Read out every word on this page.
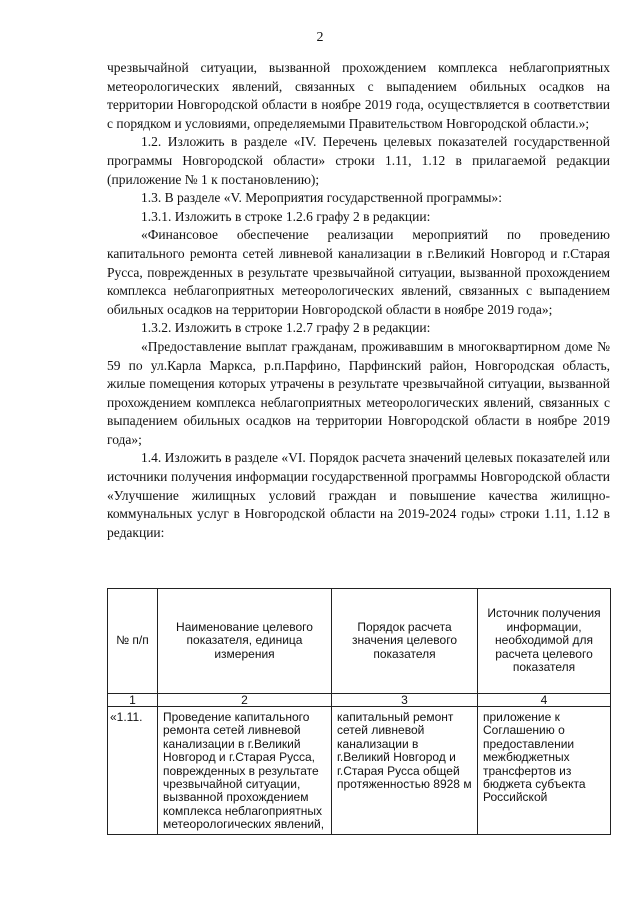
2

чрезвычайной ситуации, вызванной прохождением комплекса неблагоприятных метеорологических явлений, связанных с выпадением обильных осадков на территории Новгородской области в ноябре 2019 года, осуществляется в соответствии с порядком и условиями, определяемыми Правительством Новгородской области.»;

1.2. Изложить в разделе «IV. Перечень целевых показателей государственной программы Новгородской области» строки 1.11, 1.12 в прилагаемой редакции (приложение № 1 к постановлению);

1.3. В разделе «V. Мероприятия государственной программы»:

1.3.1. Изложить в строке 1.2.6 графу 2 в редакции:

«Финансовое обеспечение реализации мероприятий по проведению капитального ремонта сетей ливневой канализации в г.Великий Новгород и г.Старая Русса, поврежденных в результате чрезвычайной ситуации, вызванной прохождением комплекса неблагоприятных метеорологических явлений, связанных с выпадением обильных осадков на территории Новгородской области в ноябре 2019 года»;

1.3.2. Изложить в строке 1.2.7 графу 2 в редакции:

«Предоставление выплат гражданам, проживавшим в многоквартирном доме № 59 по ул.Карла Маркса, р.п.Парфино, Парфинский район, Новгородская область, жилые помещения которых утрачены в результате чрезвычайной ситуации, вызванной прохождением комплекса неблагоприятных метеорологических явлений, связанных с выпадением обильных осадков на территории Новгородской области в ноябре 2019 года»;

1.4. Изложить в разделе «VI. Порядок расчета значений целевых показателей или источники получения информации государственной программы Новгородской области «Улучшение жилищных условий граждан и повышение качества жилищно-коммунальных услуг в Новгородской области на 2019-2024 годы» строки 1.11, 1.12 в редакции:

№ п/п	Наименование целевого показателя, единица измерения	Порядок расчета значения целевого показателя	Источник получения информации, необходимой для расчета целевого показателя
1	2	3	4
«1.11.	Проведение капитального ремонта сетей ливневой канализации в г.Великий Новгород и г.Старая Русса, поврежденных в результате чрезвычайной ситуации, вызванной прохождением комплекса неблагоприятных метеорологических явлений,	капитальный ремонт сетей ливневой канализации в г.Великий Новгород и г.Старая Русса общей протяженностью 8928 м	приложение к Соглашению о предоставлении межбюджетных трансфертов из бюджета субъекта Российской
